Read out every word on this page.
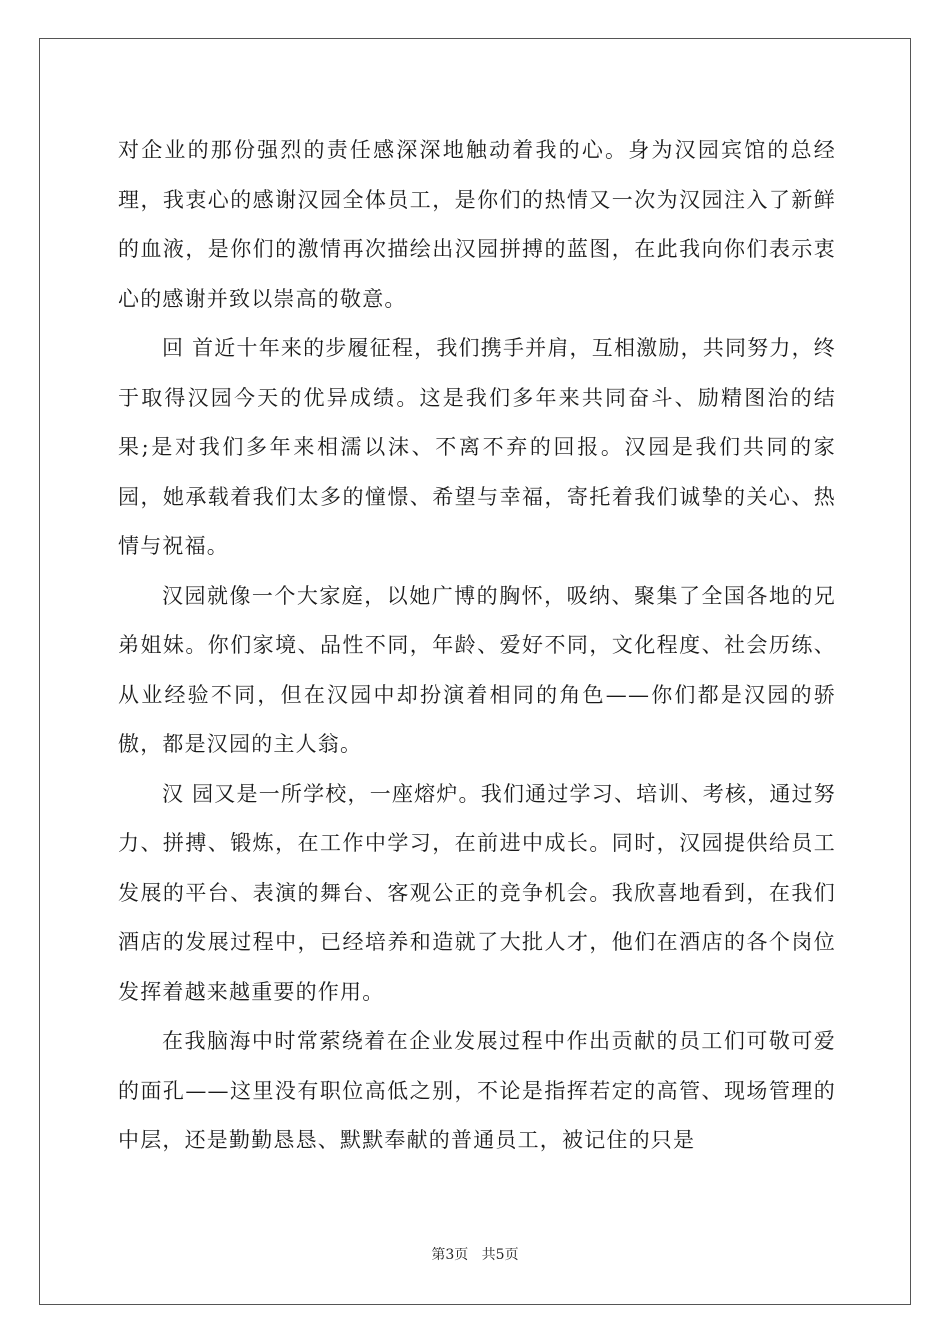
对企业的那份强烈的责任感深深地触动着我的心。身为汉园宾馆的总经理，我衷心的感谢汉园全体员工，是你们的热情又一次为汉园注入了新鲜的血液，是你们的激情再次描绘出汉园拼搏的蓝图，在此我向你们表示衷心的感谢并致以崇高的敬意。

回 首近十年来的步履征程，我们携手并肩，互相激励，共同努力，终于取得汉园今天的优异成绩。这是我们多年来共同奋斗、励精图治的结果;是对我们多年来相濡以沫、不离不弃的回报。汉园是我们共同的家园，她承载着我们太多的憧憬、希望与幸福，寄托着我们诚挚的关心、热情与祝福。

汉园就像一个大家庭，以她广博的胸怀，吸纳、聚集了全国各地的兄弟姐妹。你们家境、品性不同，年龄、爱好不同，文化程度、社会历练、从业经验不同，但在汉园中却扮演着相同的角色——你们都是汉园的骄傲，都是汉园的主人翁。

汉 园又是一所学校，一座熔炉。我们通过学习、培训、考核，通过努力、拼搏、锻炼，在工作中学习，在前进中成长。同时，汉园提供给员工发展的平台、表演的舞台、客观公正的竞争机会。我欣喜地看到，在我们酒店的发展过程中，已经培养和造就了大批人才，他们在酒店的各个岗位发挥着越来越重要的作用。

在我脑海中时常萦绕着在企业发展过程中作出贡献的员工们可敬可爱的面孔——这里没有职位高低之别，不论是指挥若定的高管、现场管理的中层，还是勤勤恳恳、默默奉献的普通员工，被记住的只是

第3页 共5页
